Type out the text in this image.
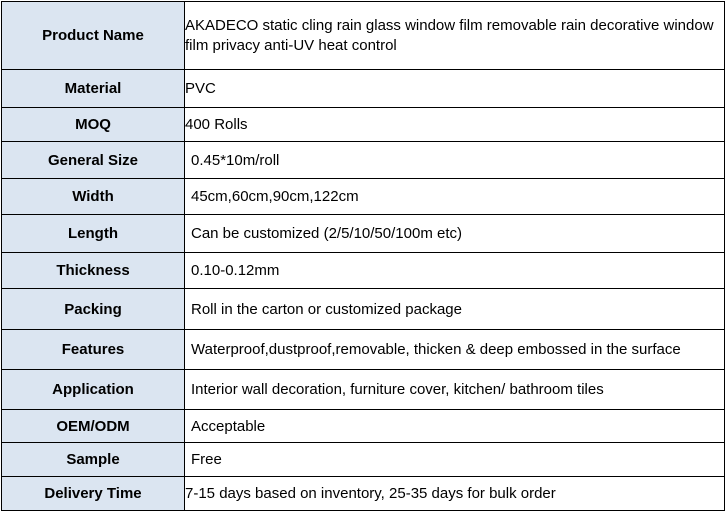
Product Name	AKADECO static cling rain glass window film removable rain decorative window film privacy anti-UV heat control
Material	PVC
MOQ	400 Rolls
General Size	0.45*10m/roll
Width	45cm,60cm,90cm,122cm
Length	Can be customized (2/5/10/50/100m etc)
Thickness	0.10-0.12mm
Packing	Roll in the carton or customized package
Features	Waterproof,dustproof,removable, thicken & deep embossed in the surface
Application	Interior wall decoration, furniture cover, kitchen/ bathroom tiles
OEM/ODM	Acceptable
Sample	Free
Delivery Time	7-15 days based on inventory, 25-35 days for bulk order
